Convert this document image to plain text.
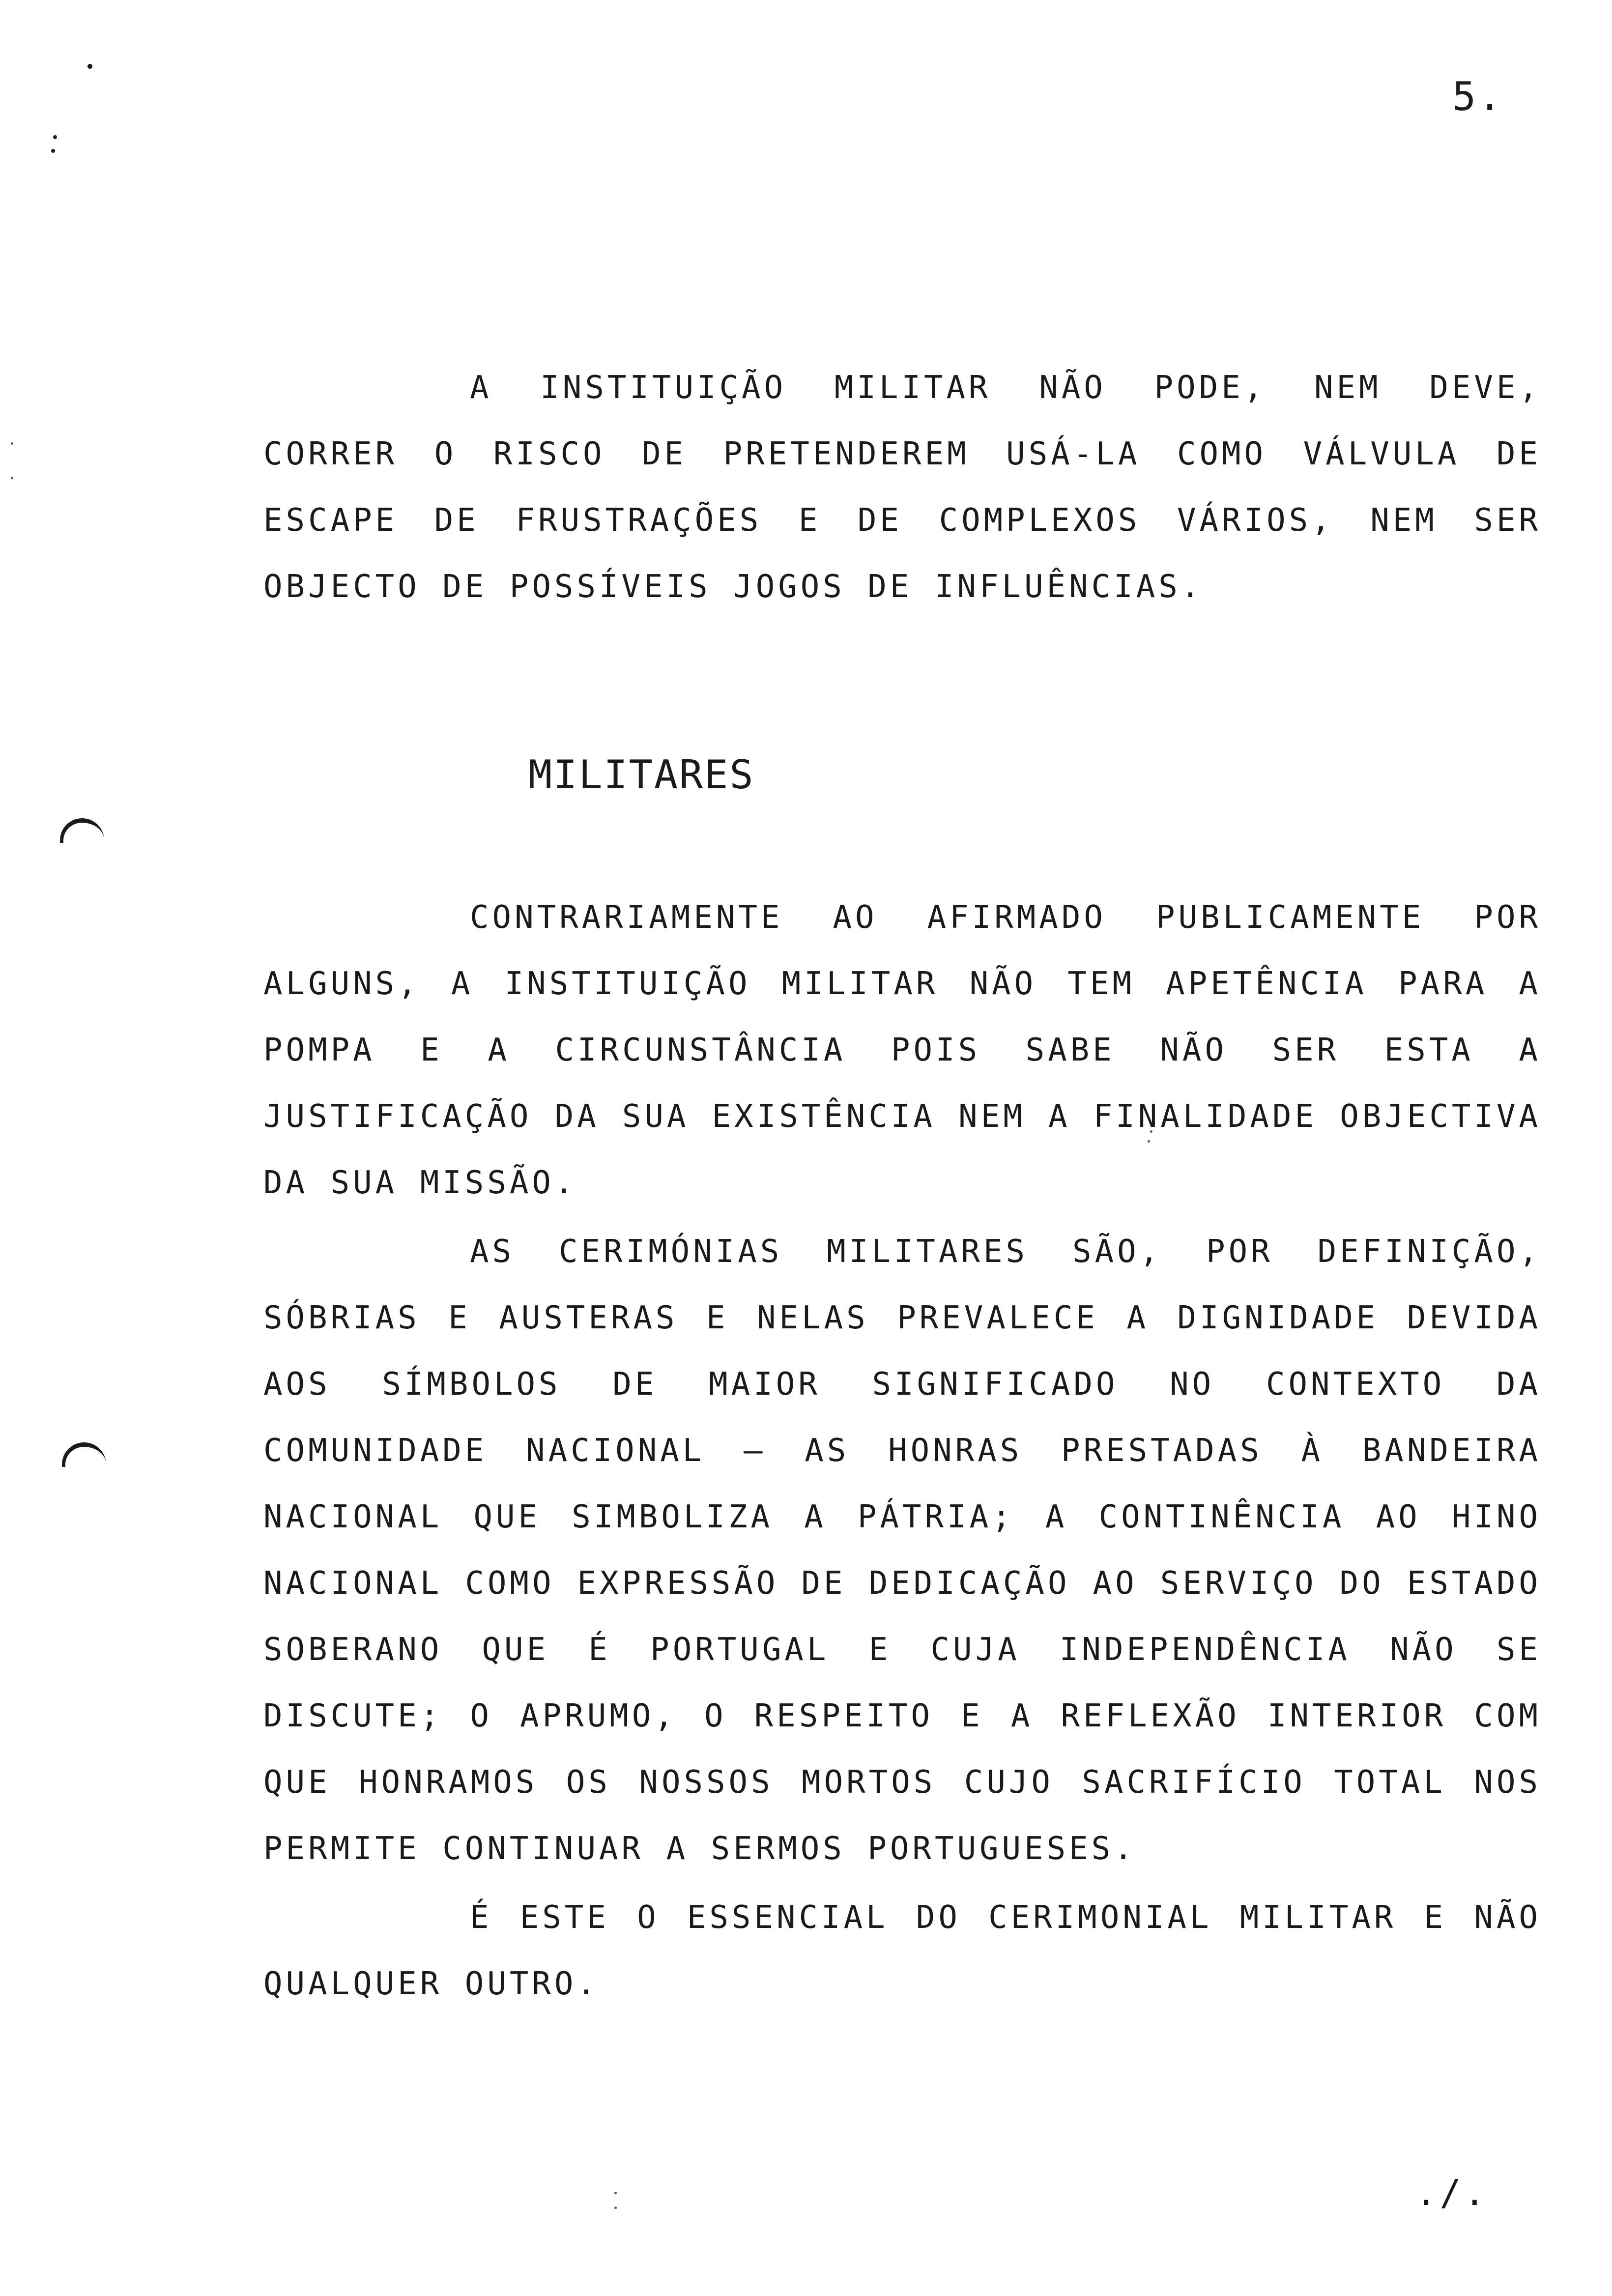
5.
A INSTITUIÇÃO MILITAR NÃO PODE, NEM DEVE, CORRER O RISCO DE PRETENDEREM USÁ-LA COMO VÁLVULA DE ESCAPE DE FRUSTRAÇÕES E DE COMPLEXOS VÁRIOS, NEM SER OBJECTO DE POSSÍVEIS JOGOS DE INFLUÊNCIAS.
MILITARES
CONTRARIAMENTE AO AFIRMADO PUBLICAMENTE POR ALGUNS, A INSTITUIÇÃO MILITAR NÃO TEM APETÊNCIA PARA A POMPA E A CIRCUNSTÂNCIA POIS SABE NÃO SER ESTA A JUSTIFICAÇÃO DA SUA EXISTÊNCIA NEM A FINALIDADE OBJECTIVA DA SUA MISSÃO.
AS CERIMÓNIAS MILITARES SÃO, POR DEFINIÇÃO, SÓBRIAS E AUSTERAS E NELAS PREVALECE A DIGNIDADE DEVIDA AOS SÍMBOLOS DE MAIOR SIGNIFICADO NO CONTEXTO DA COMUNIDADE NACIONAL — AS HONRAS PRESTADAS À BANDEIRA NACIONAL QUE SIMBOLIZA A PÁTRIA; A CONTINÊNCIA AO HINO NACIONAL COMO EXPRESSÃO DE DEDICAÇÃO AO SERVIÇO DO ESTADO SOBERANO QUE É PORTUGAL E CUJA INDEPENDÊNCIA NÃO SE DISCUTE; O APRUMO, O RESPEITO E A REFLEXÃO INTERIOR COM QUE HONRAMOS OS NOSSOS MORTOS CUJO SACRIFÍCIO TOTAL NOS PERMITE CONTINUAR A SERMOS PORTUGUESES.
É ESTE O ESSENCIAL DO CERIMONIAL MILITAR E NÃO QUALQUER OUTRO.
./.
